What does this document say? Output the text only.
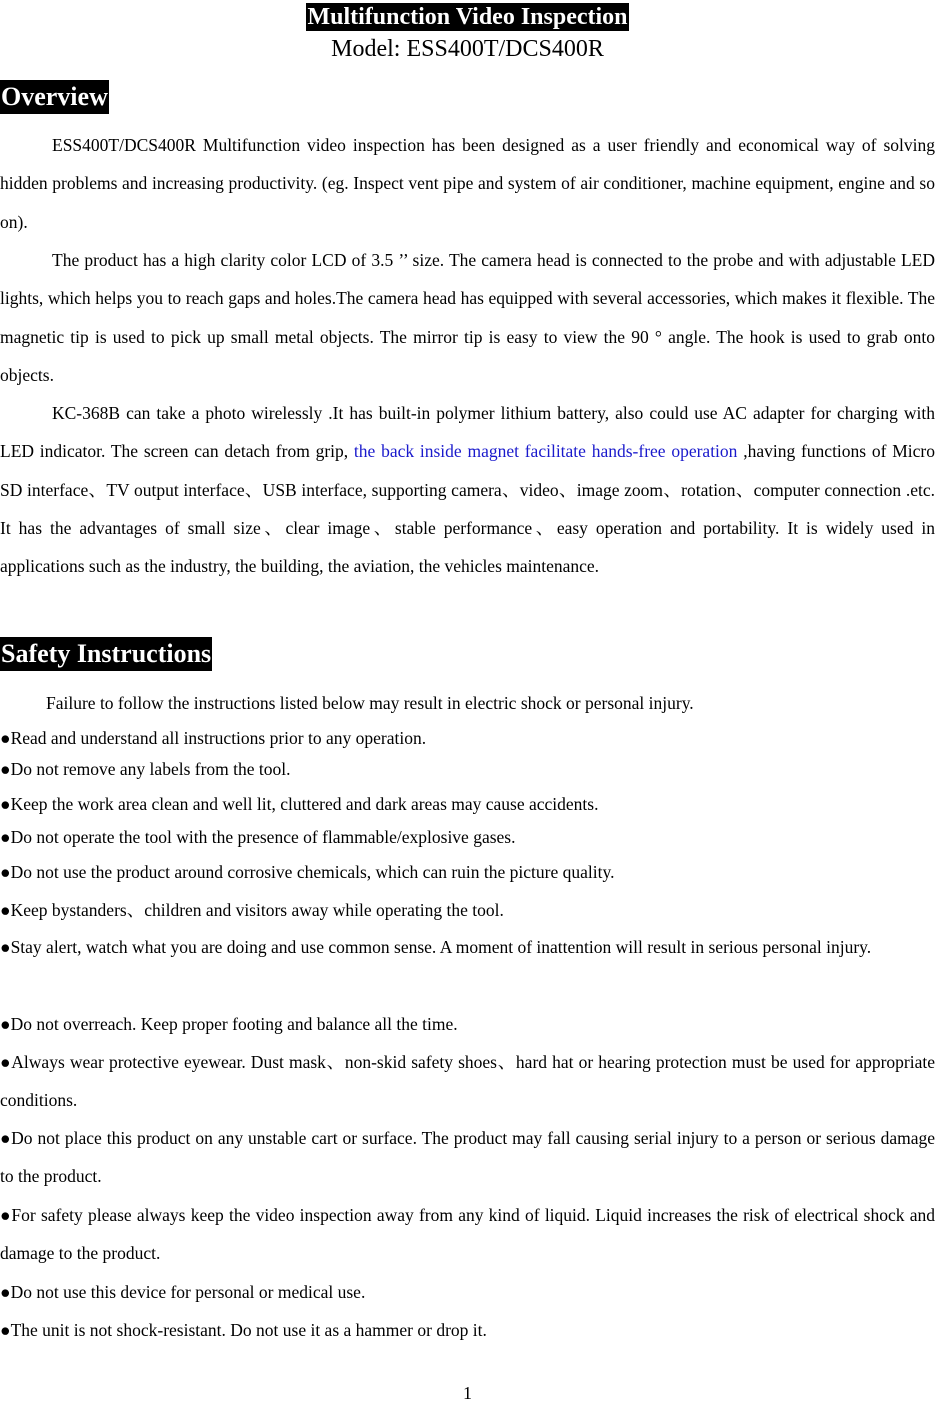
Multifunction Video Inspection
Model: ESS400T/DCS400R
Overview

ESS400T/DCS400R Multifunction video inspection has been designed as a user friendly and economical way of solving hidden problems and increasing productivity. (eg. Inspect vent pipe and system of air conditioner, machine equipment, engine and so on).

The product has a high clarity color LCD of 3.5 ’’ size. The camera head is connected to the probe and with adjustable LED lights, which helps you to reach gaps and holes.The camera head has equipped with several accessories, which makes it flexible. The magnetic tip is used to pick up small metal objects. The mirror tip is easy to view the 90 ° angle. The hook is used to grab onto objects.

KC-368B can take a photo wirelessly .It has built-in polymer lithium battery, also could use AC adapter for charging with LED indicator. The screen can detach from grip, the back inside magnet facilitate hands-free operation ,having functions of Micro SD interface、TV output interface、USB interface, supporting camera、video、image zoom、rotation、computer connection .etc. It has the advantages of small size、clear image、stable performance、easy operation and portability. It is widely used in applications such as the industry, the building, the aviation, the vehicles maintenance.

Safety Instructions
Failure to follow the instructions listed below may result in electric shock or personal injury.

●Read and understand all instructions prior to any operation.

●Do not remove any labels from the tool.

●Keep the work area clean and well lit, cluttered and dark areas may cause accidents.

●Do not operate the tool with the presence of flammable/explosive gases.

●Do not use the product around corrosive chemicals, which can ruin the picture quality.

●Keep bystanders、children and visitors away while operating the tool.

●Stay alert, watch what you are doing and use common sense. A moment of inattention will result in serious personal injury.

●Do not overreach. Keep proper footing and balance all the time.

●Always wear protective eyewear. Dust mask、non-skid safety shoes、hard hat or hearing protection must be used for appropriate conditions.

●Do not place this product on any unstable cart or surface. The product may fall causing serial injury to a person or serious damage to the product.

●For safety please always keep the video inspection away from any kind of liquid. Liquid increases the risk of electrical shock and damage to the product.

●Do not use this device for personal or medical use.

●The unit is not shock-resistant. Do not use it as a hammer or drop it.

1
